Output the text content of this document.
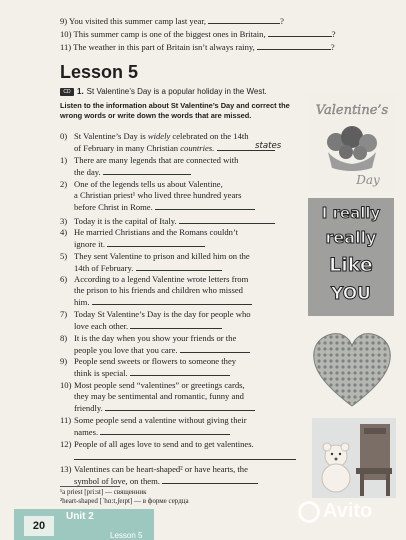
9) You visited this summer camp last year,	?
10) This summer camp is one of the biggest ones in Britain,	?
11) The weather in this part of Britain isn’t always rainy,	?
Lesson 5
CD 1. St Valentine’s Day is a popular holiday in the West.
Listen to the information about St Valentine’s Day and correct the wrong words or write down the words that are missed.
0) St Valentine’s Day is widely celebrated on the 14th
of February in many Christian countries.	states
1) There are many legends that are connected with
the day.
2) One of the legends tells us about Valentine,
a Christian priest¹ who lived three hundred years
before Christ in Rome.
3) Today it is the capital of Italy.
4) He married Christians and the Romans couldn’t
ignore it.
5) They sent Valentine to prison and killed him on the
14th of February.
6) According to a legend Valentine wrote letters from
the prison to his friends and children who missed
him.
7) Today St Valentine’s Day is the day for people who
love each other.
8) It is the day when you show your friends or the
people you love that you care.
9) People send sweets or flowers to someone they
think is special.
10) Most people send “valentines” or greetings cards,
they may be sentimental and romantic, funny and
friendly.
11) Some people send a valentine without giving their
names.
12) People of all ages love to send and to get valentines.
13) Valentines can be heart-shaped² or have hearts, the
symbol of love, on them.
¹a priest [pri:st] — священник
²heart-shaped [ˈhɑ:t,ʃeɪpt] — в форме сердца
20
Unit 2
Lesson 5
Valentine’s
Day
I really
really
Like
YOU
Avito
